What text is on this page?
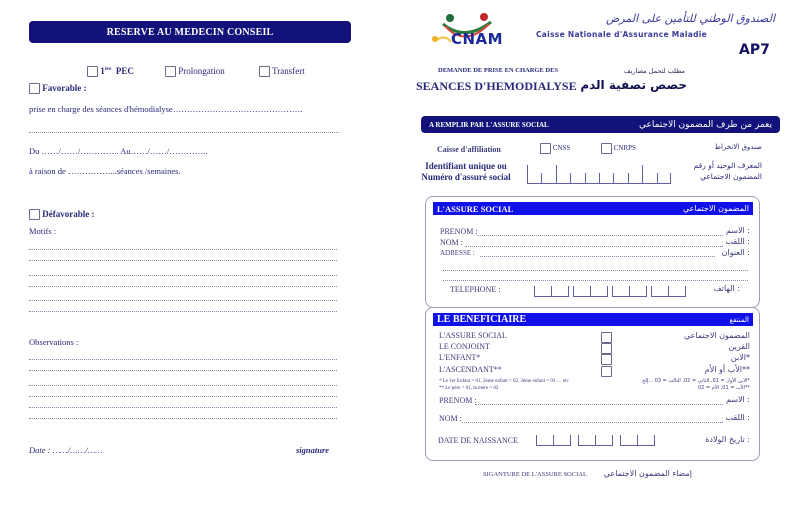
RESERVE AU MEDECIN CONSEIL
1ère PEC	Prolongation	Transfert
Favorable :
prise en charge des séances d'hémodialyse……………………………………….
Du ……/……/………….. Au……/……/…………..
à raison de ……………...séances /semaines.
Défavorable :
Motifs :
Observations :
Date : ……/……/……	signature
CNAM
الصندوق الوطني للتأمين على المرض
Caisse Nationale d'Assurance Maladie
AP7
DEMANDE DE PRISE EN CHARGE DES
SEANCES D'HEMODIALYSE
مطلب لتحمل مصاريف
حصص تصفية الدم
A REMPLIR PAR L'ASSURE SOCIAL	يعمر من طرف المضمون الاجتماعي
Caisse d'affiliation	CNSS	CNRPS	صندوق الانخراط
Identifiant unique ou
Numéro d'assuré social
المعرف الوحيد أو رقم
المضمون الاجتماعي
L'ASSURE SOCIAL	المضمون الاجتماعي
PRENOM :	: الاسم
NOM :	: اللقب
ADRESSE :	: العنوان
TELEPHONE :	: الهاتف
LE BENEFICIAIRE	المنتفع
L'ASSURE SOCIAL	المضمون الاجتماعي
LE CONJOINT	القرين
L'ENFANT*	*الابن
L'ASCENDANT**	**الأب أو الأم
* Le 1er Enfant = 01, 2ème enfant = 02, 3ème enfant = 03 … etc
** Le père = 01, la mère = 02
*الابن الأول = 01، الثاني = 02، الثالث = 03 ...إلخ
**الأب = 01، الأم = 02
PRENOM :	: الاسم
NOM :	: اللقب
DATE DE NAISSANCE	: تاريخ الولادة
SIGANTURE DE L'ASSURE SOCIAL إمضاء المضمون الاجتماعي
